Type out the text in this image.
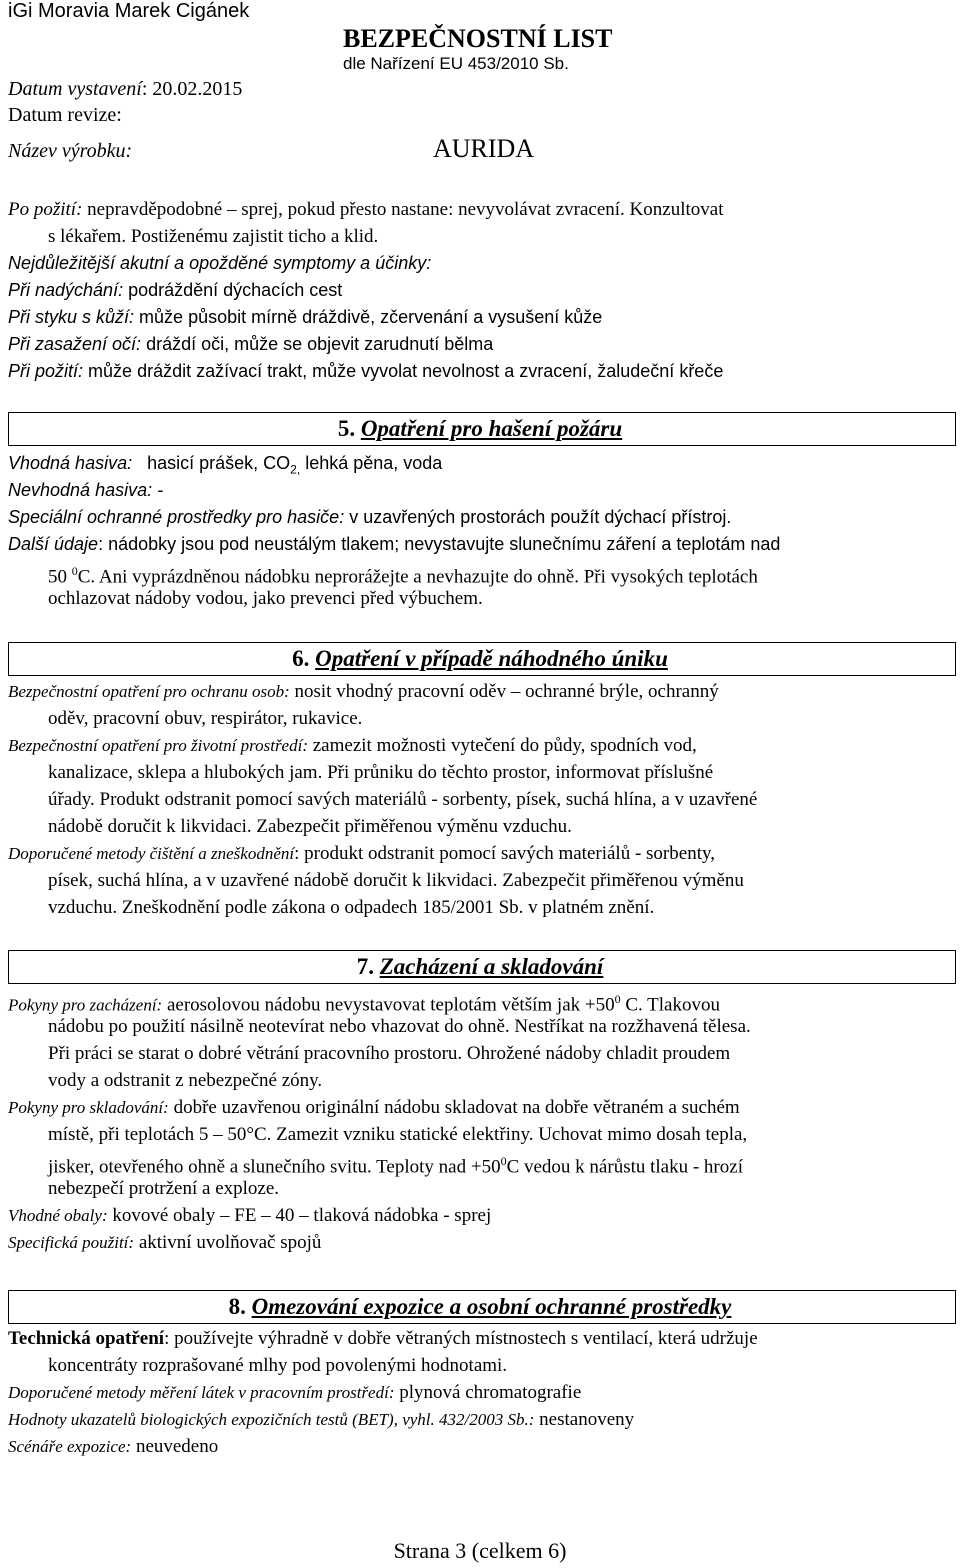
iGi Moravia Marek Cigánek
BEZPEČNOSTNÍ LIST
dle Nařízení EU 453/2010 Sb.
Datum vystavení: 20.02.2015
Datum revize:
Název výrobku:	AURIDA
Po požití: nepravděpodobné – sprej, pokud přesto nastane: nevyvolávat zvracení. Konzultovat
s lékařem. Postiženému zajistit ticho a klid.
Nejdůležitější akutní a opožděné symptomy a účinky:
Při nadýchání: podráždění dýchacích cest
Při styku s kůží: může působit mírně dráždivě, zčervenání a vysušení kůže
Při zasažení očí: dráždí oči, může se objevit zarudnutí bělma
Při požití: může dráždit zažívací trakt, může vyvolat nevolnost a zvracení, žaludeční křeče
5. Opatření pro hašení požáru
Vhodná hasiva: hasicí prášek, $CO_{2,}$ lehká pěna, voda
Nevhodná hasiva: -
Speciální ochranné prostředky pro hasiče: v uzavřených prostorách použít dýchací přístroj.
Další údaje: nádobky jsou pod neustálým tlakem; nevystavujte slunečnímu záření a teplotám nad
50 $^0$C. Ani vyprázdněnou nádobku neprorážejte a nevhazujte do ohně. Při vysokých teplotách
ochlazovat nádoby vodou, jako prevenci před výbuchem.
6. Opatření v případě náhodného úniku
Bezpečnostní opatření pro ochranu osob: nosit vhodný pracovní oděv – ochranné brýle, ochranný
oděv, pracovní obuv, respirátor, rukavice.
Bezpečnostní opatření pro životní prostředí: zamezit možnosti vytečení do půdy, spodních vod,
kanalizace, sklepa a hlubokých jam. Při průniku do těchto prostor, informovat příslušné
úřady. Produkt odstranit pomocí savých materiálů - sorbenty, písek, suchá hlína, a v uzavřené
nádobě doručit k likvidaci. Zabezpečit přiměřenou výměnu vzduchu.
Doporučené metody čištění a zneškodnění: produkt odstranit pomocí savých materiálů - sorbenty,
písek, suchá hlína, a v uzavřené nádobě doručit k likvidaci. Zabezpečit přiměřenou výměnu
vzduchu. Zneškodnění podle zákona o odpadech 185/2001 Sb. v platném znění.
7. Zacházení a skladování
Pokyny pro zacházení: aerosolovou nádobu nevystavovat teplotám větším jak $+50^0$ C. Tlakovou
nádobu po použití násilně neotevírat nebo vhazovat do ohně. Nestříkat na rozžhavená tělesa.
Při práci se starat o dobré větrání pracovního prostoru. Ohrožené nádoby chladit proudem
vody a odstranit z nebezpečné zóny.
Pokyny pro skladování: dobře uzavřenou originální nádobu skladovat na dobře větraném a suchém
místě, při teplotách 5 – 50°C. Zamezit vzniku statické elektřiny. Uchovat mimo dosah tepla,
jisker, otevřeného ohně a slunečního svitu. Teploty nad $+50^0C$ vedou k nárůstu tlaku - hrozí
nebezpečí protržení a exploze.
Vhodné obaly: kovové obaly – FE – 40 – tlaková nádobka - sprej
Specifická použití: aktivní uvolňovač spojů
8. Omezování expozice a osobní ochranné prostředky
Technická opatření: používejte výhradně v dobře větraných místnostech s ventilací, která udržuje
koncentráty rozprašované mlhy pod povolenými hodnotami.
Doporučené metody měření látek v pracovním prostředí: plynová chromatografie
Hodnoty ukazatelů biologických expozičních testů (BET), vyhl. 432/2003 Sb.: nestanoveny
Scénáře expozice: neuvedeno
Strana 3 (celkem 6)
